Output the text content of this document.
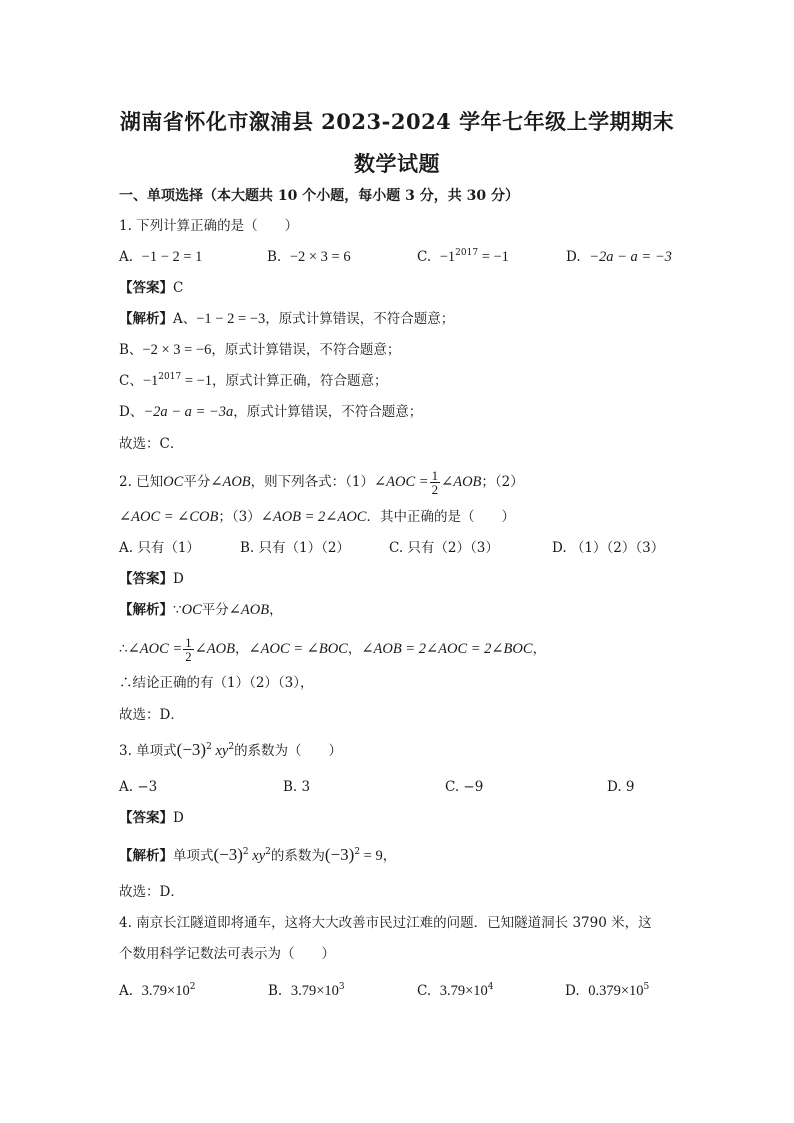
湖南省怀化市溆浦县 2023-2024 学年七年级上学期期末
数学试题
一、单项选择（本大题共 10 个小题，每小题 3 分，共 30 分）
1. 下列计算正确的是（　　）
A. −1 − 2 = 1	B. −2 × 3 = 6	C. $-1^{2017} = -1$	D. −2a − a = −3
【答案】C
【解析】A、−1 − 2 = −3，原式计算错误，不符合题意；
B、−2 × 3 = −6，原式计算错误，不符合题意；
C、$-1^{2017} = -1$，原式计算正确，符合题意；
D、−2a − a = −3a，原式计算错误，不符合题意；
故选：C．
2. 已知OC平分∠AOB，则下列各式：（1）∠AOC = $\frac{1}{2}$ ∠AOB；（2）
∠AOC = ∠COB；（3）∠AOB = 2∠AOC．其中正确的是（　　）
A. 只有（1）	B. 只有（1）（2）	C. 只有（2）（3）	D. （1）（2）（3）
【答案】D
【解析】∵OC平分∠AOB，
∴∠AOC = $\frac{1}{2}$ ∠AOB，∠AOC = ∠BOC，∠AOB = 2∠AOC = 2∠BOC，
∴结论正确的有（1）（2）（3），
故选：D．
3. 单项式$(-3)^2$ $xy^2$的系数为（　　）
A. −3	B. 3	C. −9	D. 9
【答案】D
【解析】单项式$(-3)^2$ $xy^2$的系数为$(-3)^2 = 9$，
故选：D．
4. 南京长江隧道即将通车，这将大大改善市民过江难的问题．已知隧道洞长 3790 米，这
个数用科学记数法可表示为（　　）
A. $3.79\times 10^2$	B. $3.79\times 10^3$	C. $3.79\times 10^4$	D. $0.379\times 10^5$
